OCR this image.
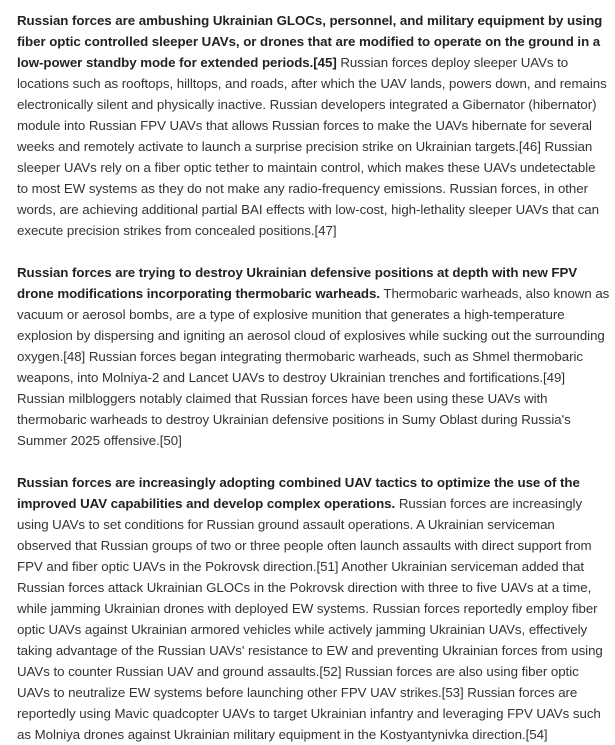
Russian forces are ambushing Ukrainian GLOCs, personnel, and military equipment by using fiber optic controlled sleeper UAVs, or drones that are modified to operate on the ground in a low-power standby mode for extended periods.[45] Russian forces deploy sleeper UAVs to locations such as rooftops, hilltops, and roads, after which the UAV lands, powers down, and remains electronically silent and physically inactive. Russian developers integrated a Gibernator (hibernator) module into Russian FPV UAVs that allows Russian forces to make the UAVs hibernate for several weeks and remotely activate to launch a surprise precision strike on Ukrainian targets.[46] Russian sleeper UAVs rely on a fiber optic tether to maintain control, which makes these UAVs undetectable to most EW systems as they do not make any radio-frequency emissions. Russian forces, in other words, are achieving additional partial BAI effects with low-cost, high-lethality sleeper UAVs that can execute precision strikes from concealed positions.[47]

Russian forces are trying to destroy Ukrainian defensive positions at depth with new FPV drone modifications incorporating thermobaric warheads. Thermobaric warheads, also known as vacuum or aerosol bombs, are a type of explosive munition that generates a high-temperature explosion by dispersing and igniting an aerosol cloud of explosives while sucking out the surrounding oxygen.[48] Russian forces began integrating thermobaric warheads, such as Shmel thermobaric weapons, into Molniya-2 and Lancet UAVs to destroy Ukrainian trenches and fortifications.[49] Russian milbloggers notably claimed that Russian forces have been using these UAVs with thermobaric warheads to destroy Ukrainian defensive positions in Sumy Oblast during Russia's Summer 2025 offensive.[50]

Russian forces are increasingly adopting combined UAV tactics to optimize the use of the improved UAV capabilities and develop complex operations. Russian forces are increasingly using UAVs to set conditions for Russian ground assault operations. A Ukrainian serviceman observed that Russian groups of two or three people often launch assaults with direct support from FPV and fiber optic UAVs in the Pokrovsk direction.[51] Another Ukrainian serviceman added that Russian forces attack Ukrainian GLOCs in the Pokrovsk direction with three to five UAVs at a time, while jamming Ukrainian drones with deployed EW systems. Russian forces reportedly employ fiber optic UAVs against Ukrainian armored vehicles while actively jamming Ukrainian UAVs, effectively taking advantage of the Russian UAVs' resistance to EW and preventing Ukrainian forces from using UAVs to counter Russian UAV and ground assaults.[52] Russian forces are also using fiber optic UAVs to neutralize EW systems before launching other FPV UAV strikes.[53] Russian forces are reportedly using Mavic quadcopter UAVs to target Ukrainian infantry and leveraging FPV UAVs such as Molniya drones against Ukrainian military equipment in the Kostyantynivka direction.[54]
